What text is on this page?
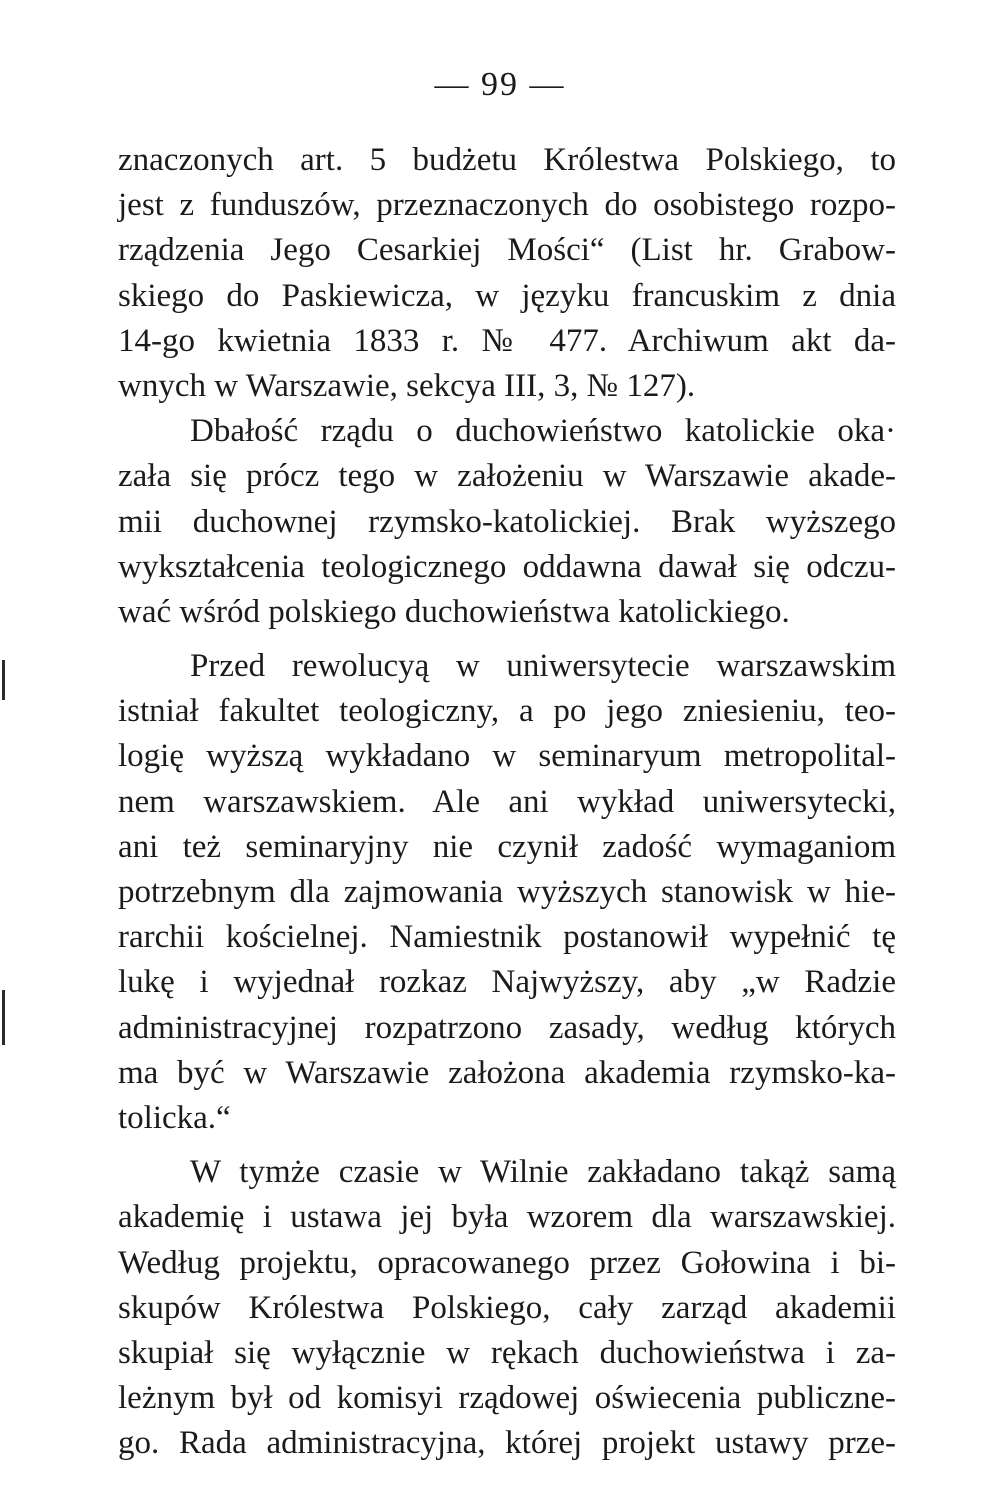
— 99 —
znaczonych art. 5 budżetu Królestwa Polskiego, to
jest z funduszów, przeznaczonych do osobistego rozpo-
rządzenia Jego Cesarkiej Mości“ (List hr. Grabow-
skiego do Paskiewicza, w języku francuskim z dnia
14-go kwietnia 1833 r. № 477. Archiwum akt da-
wnych w Warszawie, sekcya III, 3, № 127).
Dbałość rządu o duchowieństwo katolickie oka·
zała się prócz tego w założeniu w Warszawie akade-
mii duchownej rzymsko-katolickiej. Brak wyższego
wykształcenia teologicznego oddawna dawał się odczu-
wać wśród polskiego duchowieństwa katolickiego.
Przed rewolucyą w uniwersytecie warszawskim
istniał fakultet teologiczny, a po jego zniesieniu, teo-
logię wyższą wykładano w seminaryum metropolital-
nem warszawskiem. Ale ani wykład uniwersytecki,
ani też seminaryjny nie czynił zadość wymaganiom
potrzebnym dla zajmowania wyższych stanowisk w hie-
rarchii kościelnej. Namiestnik postanowił wypełnić tę
lukę i wyjednał rozkaz Najwyższy, aby „w Radzie
administracyjnej rozpatrzono zasady, według których
ma być w Warszawie założona akademia rzymsko-ka-
tolicka.“
W tymże czasie w Wilnie zakładano takąż samą
akademię i ustawa jej była wzorem dla warszawskiej.
Według projektu, opracowanego przez Gołowina i bi-
skupów Królestwa Polskiego, cały zarząd akademii
skupiał się wyłącznie w rękach duchowieństwa i za-
leżnym był od komisyi rządowej oświecenia publiczne-
go. Rada administracyjna, której projekt ustawy prze-
